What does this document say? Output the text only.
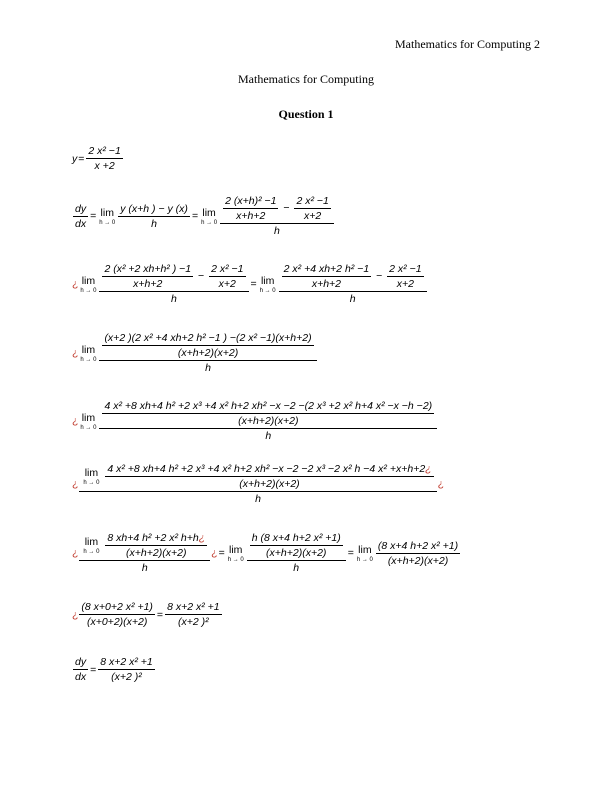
Mathematics for Computing 2
Mathematics for Computing
Question 1
$y = \frac{\text{2 x² −1}}{x +2}$
$\frac{dy}{dx} = \lim$
$h \to 0 \frac{y (x+h ) - y (x)}{h} = \lim$
h → 0
$\frac{\text{2 (x+h)² −1}}{x+h+2} - \frac{\text{2 x² −1}}{x+2}$
h
¿ lim
h → 0
$\frac{\text{2 (x² +2 xh+h² ) −1}}{x+h+2} - \frac{\text{2 x² −1}}{x+2}$
h
= lim
h → 0
$\frac{\text{2 x² +4 xh+2 h² −1}}{x+h+2} - \frac{\text{2 x² −1}}{x+2}$
h
¿ lim
h → 0
$\frac{\text{(x+2 )(2 x² +4 xh+2 h² −1 ) −(2 x² −1)(x+h+2)}}{(x+h+2)(x+2)}$
h
¿ lim
h → 0
4 x² +8 xh+4 h² +2 x³ +4 x² h+2 xh² −x −2 −(2 x³ +2 x² h+4 x² −x −h −2)
(x+h+2)(x+2)
h
¿
lim
h → 0

4 x² +8 xh+4 h² +2 x³ +4 x² h+2 xh² −x −2 −2 x³ −2 x² h −4 x² +x+h+2¿
(x+h+2)(x+2)
h
¿
¿
lim
h → 0
$\frac{\text{8 xh+4 h² +2 x² h+h¿}}{(x+h+2)(x+2)}$
h
¿ = lim
$h \to 0 \frac{\frac{\text{h (8 x+4 h+2 x² +1)}}{(x+h+2)(x+2)}}{h} = \lim$
$h \to 0 \frac{\text{(8 x+4 h+2 x² +1)}}{(x+h+2)(x+2)}$
¿ $\frac{\text{(8 x+0+2 x² +1)}}{(x+0+2)(x+2)} = \frac{\text{8 x+2 x² +1}}{\text{(x+2 )²}}$
$\frac{dy}{dx} = \frac{\text{8 x+2 x² +1}}{\text{(x+2 )²}}$
